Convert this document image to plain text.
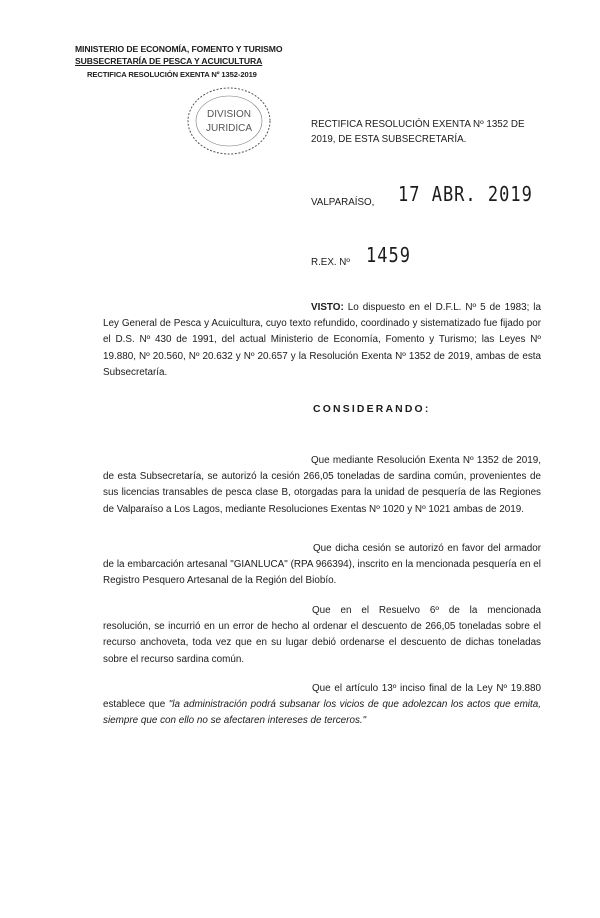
MINISTERIO DE ECONOMÍA, FOMENTO Y TURISMO
SUBSECRETARÍA DE PESCA Y ACUICULTURA
RECTIFICA RESOLUCIÓN EXENTA Nº 1352-2019
DIVISION
JURIDICA	RECTIFICA RESOLUCIÓN EXENTA Nº 1352 DE 2019, DE ESTA SUBSECRETARÍA.
VALPARAÍSO, 17 ABR. 2019
R.EX. Nº 1459
VISTO: Lo dispuesto en el D.F.L. Nº 5 de 1983; la Ley General de Pesca y Acuicultura, cuyo texto refundido, coordinado y sistematizado fue fijado por el D.S. Nº 430 de 1991, del actual Ministerio de Economía, Fomento y Turismo; las Leyes Nº 19.880, Nº 20.560, Nº 20.632 y Nº 20.657 y la Resolución Exenta Nº 1352 de 2019, ambas de esta Subsecretaría.
CONSIDERANDO:
Que mediante Resolución Exenta Nº 1352 de 2019, de esta Subsecretaría, se autorizó la cesión 266,05 toneladas de sardina común, provenientes de sus licencias transables de pesca clase B, otorgadas para la unidad de pesquería de las Regiones de Valparaíso a Los Lagos, mediante Resoluciones Exentas Nº 1020 y Nº 1021 ambas de 2019.
Que dicha cesión se autorizó en favor del armador de la embarcación artesanal "GIANLUCA" (RPA 966394), inscrito en la mencionada pesquería en el Registro Pesquero Artesanal de la Región del Biobío.
Que en el Resuelvo 6º de la mencionada resolución, se incurrió en un error de hecho al ordenar el descuento de 266,05 toneladas sobre el recurso anchoveta, toda vez que en su lugar debió ordenarse el descuento de dichas toneladas sobre el recurso sardina común.
Que el artículo 13º inciso final de la Ley Nº 19.880 establece que "la administración podrá subsanar los vicios de que adolezcan los actos que emita, siempre que con ello no se afectaren intereses de terceros."
